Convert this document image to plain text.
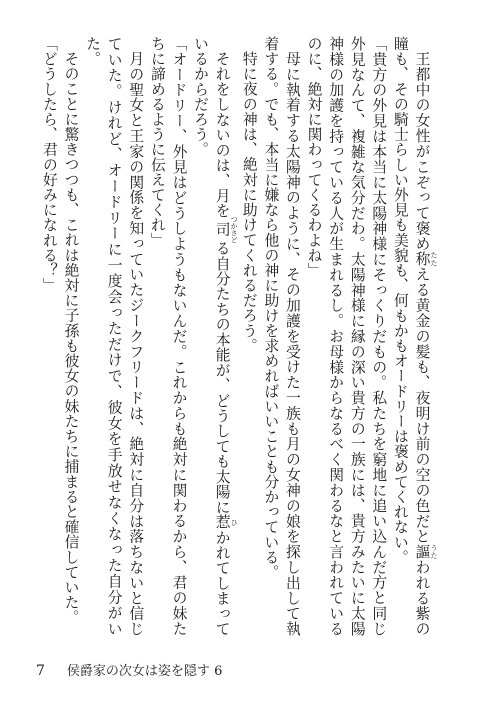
王都中の女性がこぞって褒め称 たたえる黄金の髪も、夜明け前の空の色だと謳 うたわれる紫の瞳も、その騎士らしい外見も美貌も、何もかもオードリーは褒めてくれない。

「貴方の外見は本当に太陽神様にそっくりだもの。私たちを窮地に追い込んだ方と同じ外見なんて、複雑な気分だわ。太陽神様に縁の深い貴方の一族には、貴方みたいに太陽神様の加護を持っている人が生まれるし。お母様からなるべく関わるなと言われているのに、絶対に関わってくるわよね」

母に執着する太陽神のように、その加護を受けた一族も月の女神の娘を探し出して執着する。でも、本当に嫌なら他の神に助けを求めればいいことも分かっている。

特に夜の神は、絶対に助けてくれるだろう。

それをしないのは、月を司 つかさどる自分たちの本能が、どうしても太陽に惹 ひかれてしまっているからだろう。

「オードリー、外見はどうしようもないんだ。これからも絶対に関わるから、君の妹たちに諦めるように伝えてくれ」

月の聖女と王家の関係を知っていたジークフリードは、絶対に自分は落ちないと信じていた。けれど、オードリーに一度会っただけで、彼女を手放せなくなった自分がいた。

そのことに驚きつつも、これは絶対に子孫も彼女の妹たちに捕まると確信していた。

「どうしたら、君の好みになれる？」

7 侯爵家の次女は姿を隠す 6
